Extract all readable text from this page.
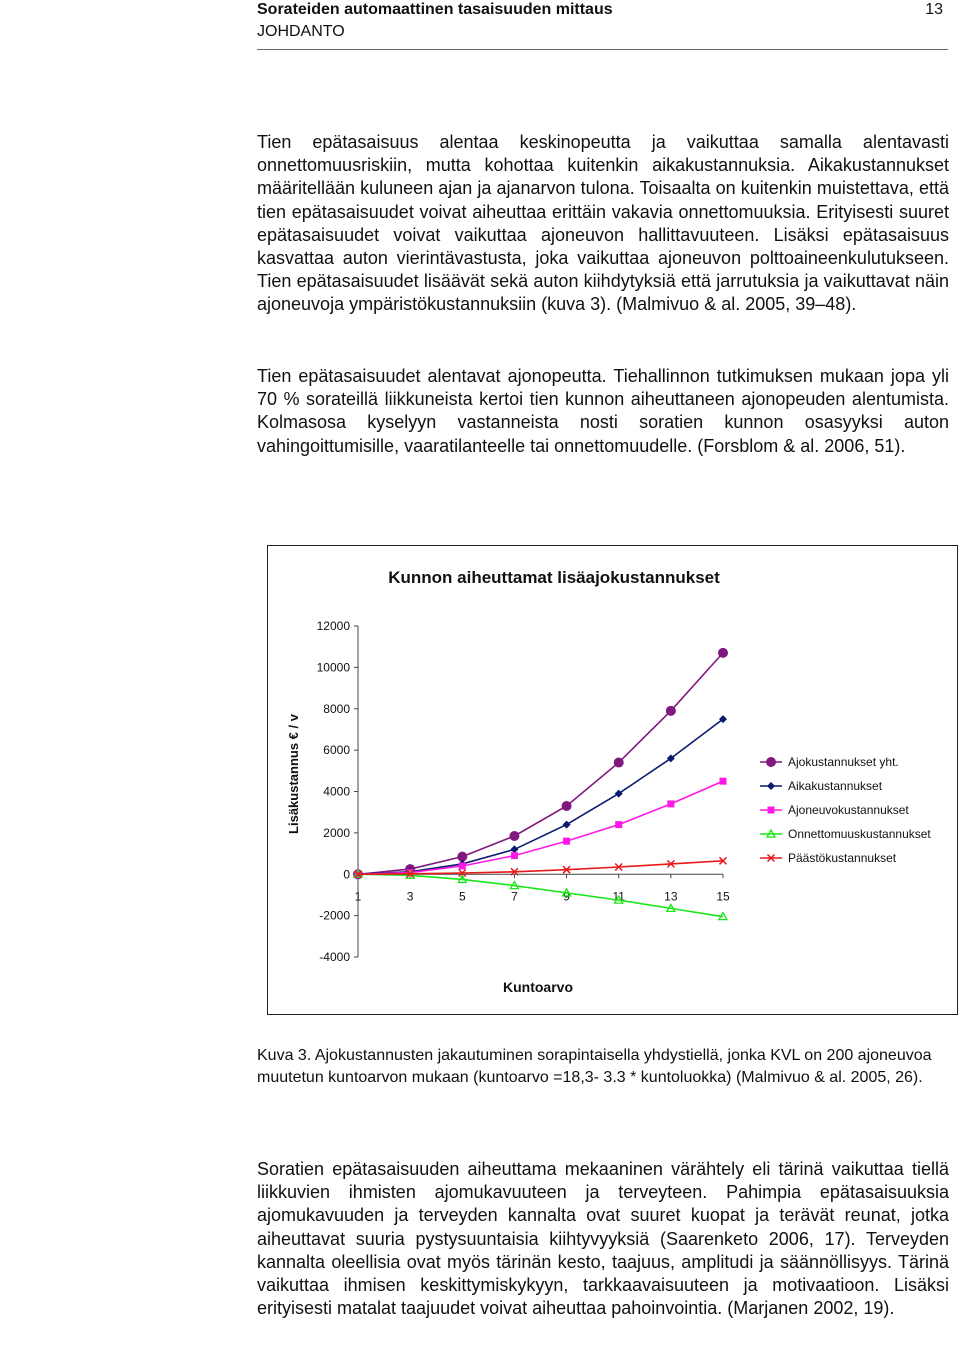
Sorateiden automaattinen tasaisuuden mittaus	13
JOHDANTO

Tien epätasaisuus alentaa keskinopeutta ja vaikuttaa samalla alentavasti onnettomuusriskiin, mutta kohottaa kuitenkin aikakustannuksia. Aikakustannukset määritellään kuluneen ajan ja ajanarvon tulona. Toisaalta on kuitenkin muistettava, että tien epätasaisuudet voivat aiheuttaa erittäin vakavia onnettomuuksia. Erityisesti suuret epätasaisuudet voivat vaikuttaa ajoneuvon hallittavuuteen. Lisäksi epätasaisuus kasvattaa auton vierintävastusta, joka vaikuttaa ajoneuvon polttoaineenkulutukseen. Tien epätasaisuudet lisäävät sekä auton kiihdytyksiä että jarrutuksia ja vaikuttavat näin ajoneuvoja ympäristökustannuksiin (kuva 3). (Malmivuo & al. 2005, 39–48).

Tien epätasaisuudet alentavat ajonopeutta. Tiehallinnon tutkimuksen mukaan jopa yli 70 % sorateillä liikkuneista kertoi tien kunnon aiheuttaneen ajonopeuden alentumista. Kolmasosa kyselyyn vastanneista nosti soratien kunnon osasyyksi auton vahingoittumisille, vaaratilanteelle tai onnettomuudelle. (Forsblom & al. 2006, 51).

Kunnon aiheuttamat lisäajokustannukset
-4000
-2000
0
2000
4000
6000
8000
10000
12000
1	3	5	7	9	11	13	15
Lisäkustannus € / v
Kuntoarvo
Ajokustannukset yht.
Aikakustannukset
Ajoneuvokustannukset
Onnettomuuskustannukset
Päästökustannukset

Kuva 3. Ajokustannusten jakautuminen sorapintaisella yhdystiellä, jonka KVL on 200 ajoneuvoa muutetun kuntoarvon mukaan (kuntoarvo =18,3- 3.3 * kuntoluokka) (Malmivuo & al. 2005, 26).

Soratien epätasaisuuden aiheuttama mekaaninen värähtely eli tärinä vaikuttaa tiellä liikkuvien ihmisten ajomukavuuteen ja terveyteen. Pahimpia epätasaisuuksia ajomukavuuden ja terveyden kannalta ovat suuret kuopat ja terävät reunat, jotka aiheuttavat suuria pystysuuntaisia kiihtyvyyksiä (Saarenketo 2006, 17). Terveyden kannalta oleellisia ovat myös tärinän kesto, taajuus, amplitudi ja säännöllisyys. Tärinä vaikuttaa ihmisen keskittymiskykyyn, tarkkaavaisuuteen ja motivaatioon. Lisäksi erityisesti matalat taajuudet voivat aiheuttaa pahoinvointia. (Marjanen 2002, 19).
